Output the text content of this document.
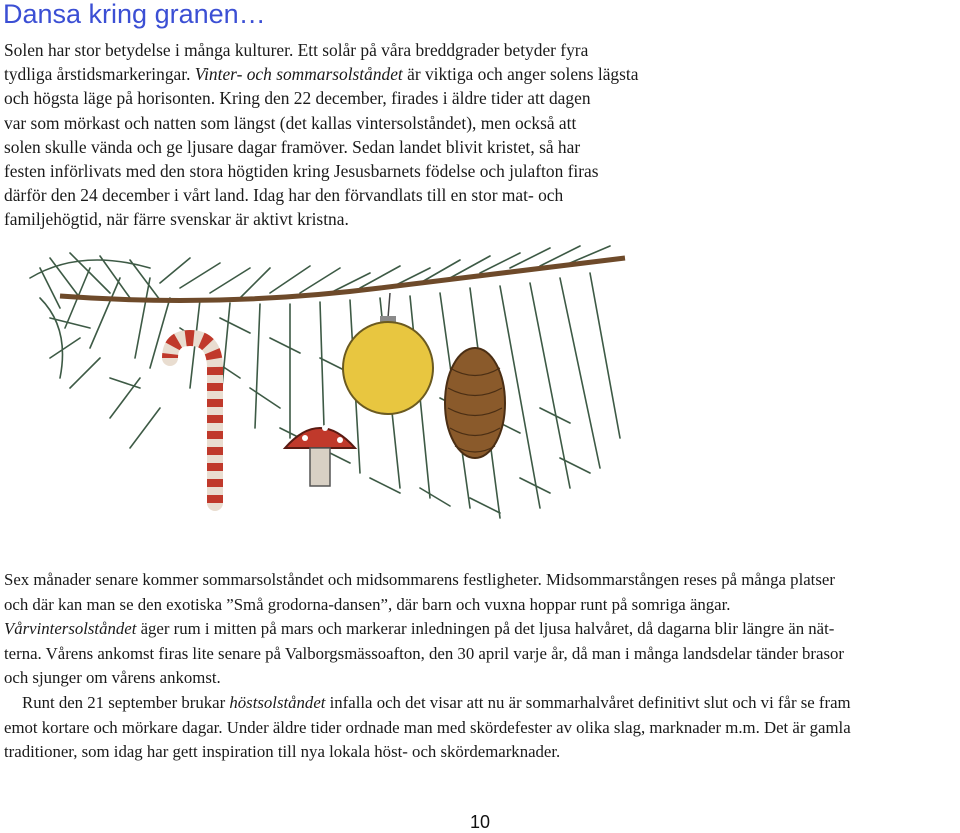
Dansa kring granen…

Solen har stor betydelse i många kulturer. Ett solår på våra breddgrader betyder fyra

tydliga årstidsmarkeringar. Vinter- och sommarsolståndet är viktiga och anger solens lägsta

och högsta läge på horisonten. Kring den 22 december, firades i äldre tider att dagen

var som mörkast och natten som längst (det kallas vintersolståndet), men också att

solen skulle vända och ge ljusare dagar framöver. Sedan landet blivit kristet, så har

festen införlivats med den stora högtiden kring Jesusbarnets födelse och julafton firas

därför den 24 december i vårt land. Idag har den förvandlats till en stor mat- och

familjehögtid, när färre svenskar är aktivt kristna.

Sex månader senare kommer sommarsolståndet och midsommarens festligheter. Midsommarstången reses på många platser

och där kan man se den exotiska ”Små grodorna-dansen”, där barn och vuxna hoppar runt på somriga ängar.

Vårvintersolståndet äger rum i mitten på mars och markerar inledningen på det ljusa halvåret, då dagarna blir längre än nät-

terna. Vårens ankomst firas lite senare på Valborgsmässoafton, den 30 april varje år, då man i många landsdelar tänder brasor

och sjunger om vårens ankomst.

Runt den 21 september brukar höstsolståndet infalla och det visar att nu är sommarhalvåret definitivt slut och vi får se fram

emot kortare och mörkare dagar. Under äldre tider ordnade man med skördefester av olika slag, marknader m.m. Det är gamla

traditioner, som idag har gett inspiration till nya lokala höst- och skördemarknader.

10
